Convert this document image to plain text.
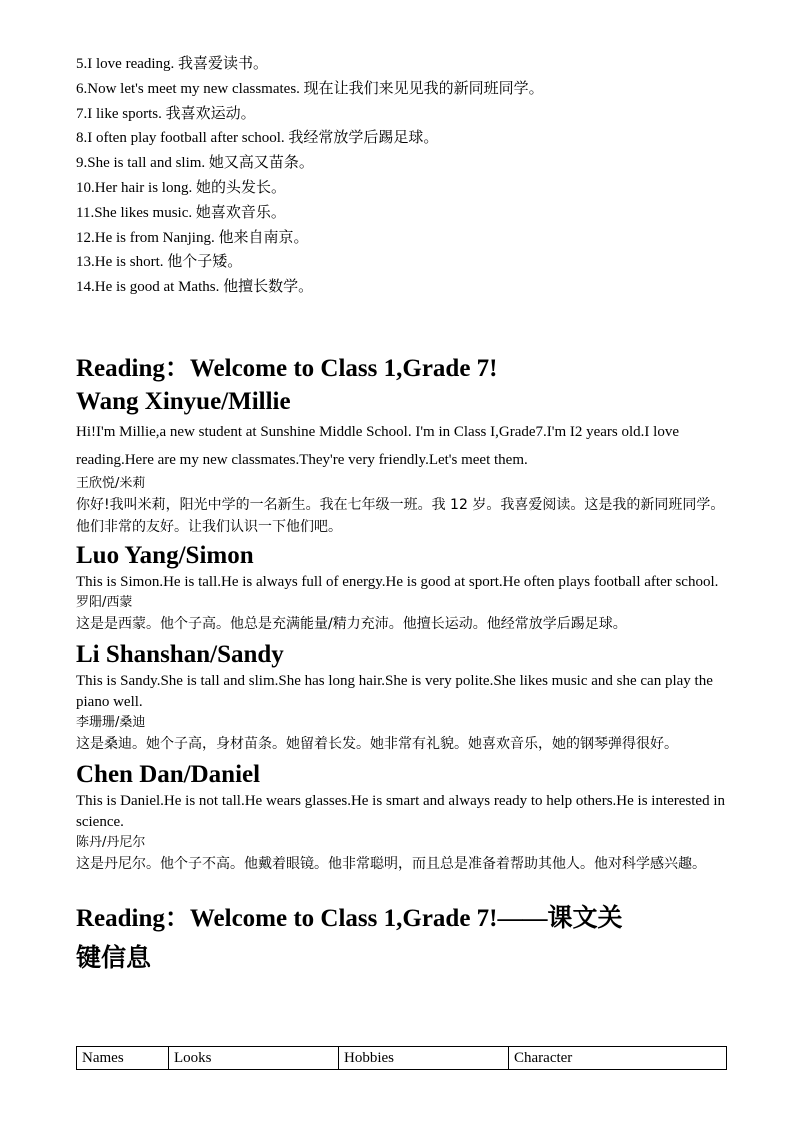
5.I love reading. 我喜爱读书。
6.Now let's meet my new classmates. 现在让我们来见见我的新同班同学。
7.I like sports. 我喜欢运动。
8.I often play football after school. 我经常放学后踢足球。
9.She is tall and slim. 她又高又苗条。
10.Her hair is long. 她的头发长。
11.She likes music. 她喜欢音乐。
12.He is from Nanjing. 他来自南京。
13.He is short. 他个子矮。
14.He is good at Maths. 他擅长数学。
Reading：Welcome to Class 1,Grade 7!
Wang Xinyue/Millie
Hi!I'm Millie,a new student at Sunshine Middle School. I'm in Class I,Grade7.I'm I2 years old.I love reading.Here are my new classmates.They're very friendly.Let's meet them.
王欣悦/米莉
你好!我叫米莉，阳光中学的一名新生。我在七年级一班。我 12 岁。我喜爱阅读。这是我的新同班同学。他们非常的友好。让我们认识一下他们吧。
Luo Yang/Simon
This is Simon.He is tall.He is always full of energy.He is good at sport.He often plays football after school.
罗阳/西蒙
这是是西蒙。他个子高。他总是充满能量/精力充沛。他擅长运动。他经常放学后踢足球。
Li Shanshan/Sandy
This is Sandy.She is tall and slim.She has long hair.She is very polite.She likes music and she can play the piano well.
李珊珊/桑迪
这是桑迪。她个子高，身材苗条。她留着长发。她非常有礼貌。她喜欢音乐，她的钢琴弹得很好。
Chen Dan/Daniel
This is Daniel.He is not tall.He wears glasses.He is smart and always ready to help others.He is interested in science.
陈丹/丹尼尔
这是丹尼尔。他个子不高。他戴着眼镜。他非常聪明，而且总是准备着帮助其他人。他对科学感兴趣。
Reading：Welcome to Class 1,Grade 7!——课文关
键信息
Names	Looks	Hobbies	Character
